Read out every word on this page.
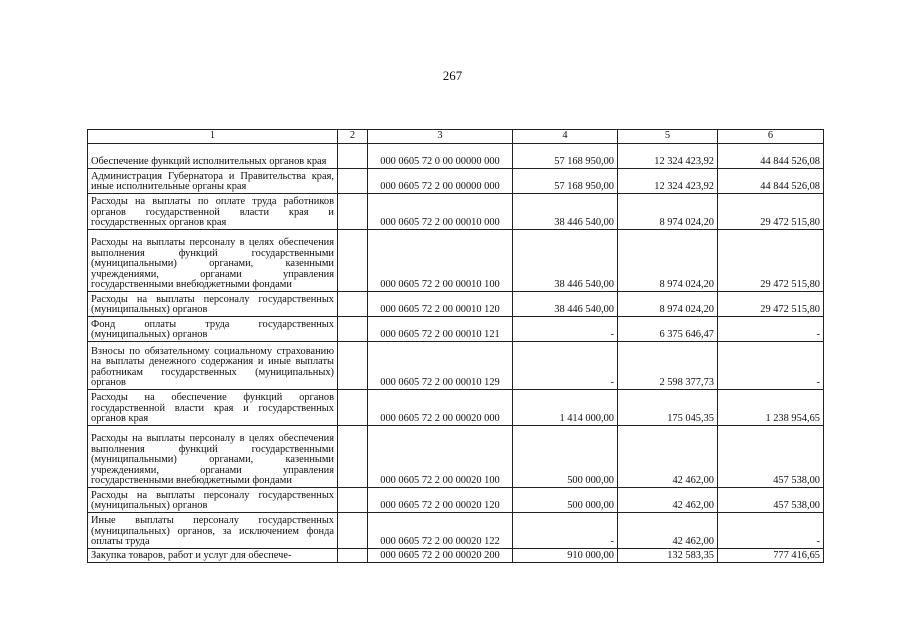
267
1	2	3	4	5	6
Обеспечение функций исполнительных органов края		000 0605 72 0 00 00000 000	57 168 950,00	12 324 423,92	44 844 526,08
Администрация Губернатора и Правительства края, иные исполнительные органы края		000 0605 72 2 00 00000 000	57 168 950,00	12 324 423,92	44 844 526,08
Расходы на выплаты по оплате труда работников органов государственной власти края и государственных органов края		000 0605 72 2 00 00010 000	38 446 540,00	8 974 024,20	29 472 515,80
Расходы на выплаты персоналу в целях обеспечения выполнения функций государственными (муниципальными) органами, казенными учреждениями, органами управления государственными внебюджетными фондами		000 0605 72 2 00 00010 100	38 446 540,00	8 974 024,20	29 472 515,80
Расходы на выплаты персоналу государственных (муниципальных) органов		000 0605 72 2 00 00010 120	38 446 540,00	8 974 024,20	29 472 515,80
Фонд оплаты труда государственных (муниципальных) органов		000 0605 72 2 00 00010 121	-	6 375 646,47	-
Взносы по обязательному социальному страхованию на выплаты денежного содержания и иные выплаты работникам государственных (муниципальных) органов		000 0605 72 2 00 00010 129	-	2 598 377,73	-
Расходы на обеспечение функций органов государственной власти края и государственных органов края		000 0605 72 2 00 00020 000	1 414 000,00	175 045,35	1 238 954,65
Расходы на выплаты персоналу в целях обеспечения выполнения функций государственными (муниципальными) органами, казенными учреждениями, органами управления государственными внебюджетными фондами		000 0605 72 2 00 00020 100	500 000,00	42 462,00	457 538,00
Расходы на выплаты персоналу государственных (муниципальных) органов		000 0605 72 2 00 00020 120	500 000,00	42 462,00	457 538,00
Иные выплаты персоналу государственных (муниципальных) органов, за исключением фонда оплаты труда		000 0605 72 2 00 00020 122	-	42 462,00	-
Закупка товаров, работ и услуг для обеспече-		000 0605 72 2 00 00020 200	910 000,00	132 583,35	777 416,65
